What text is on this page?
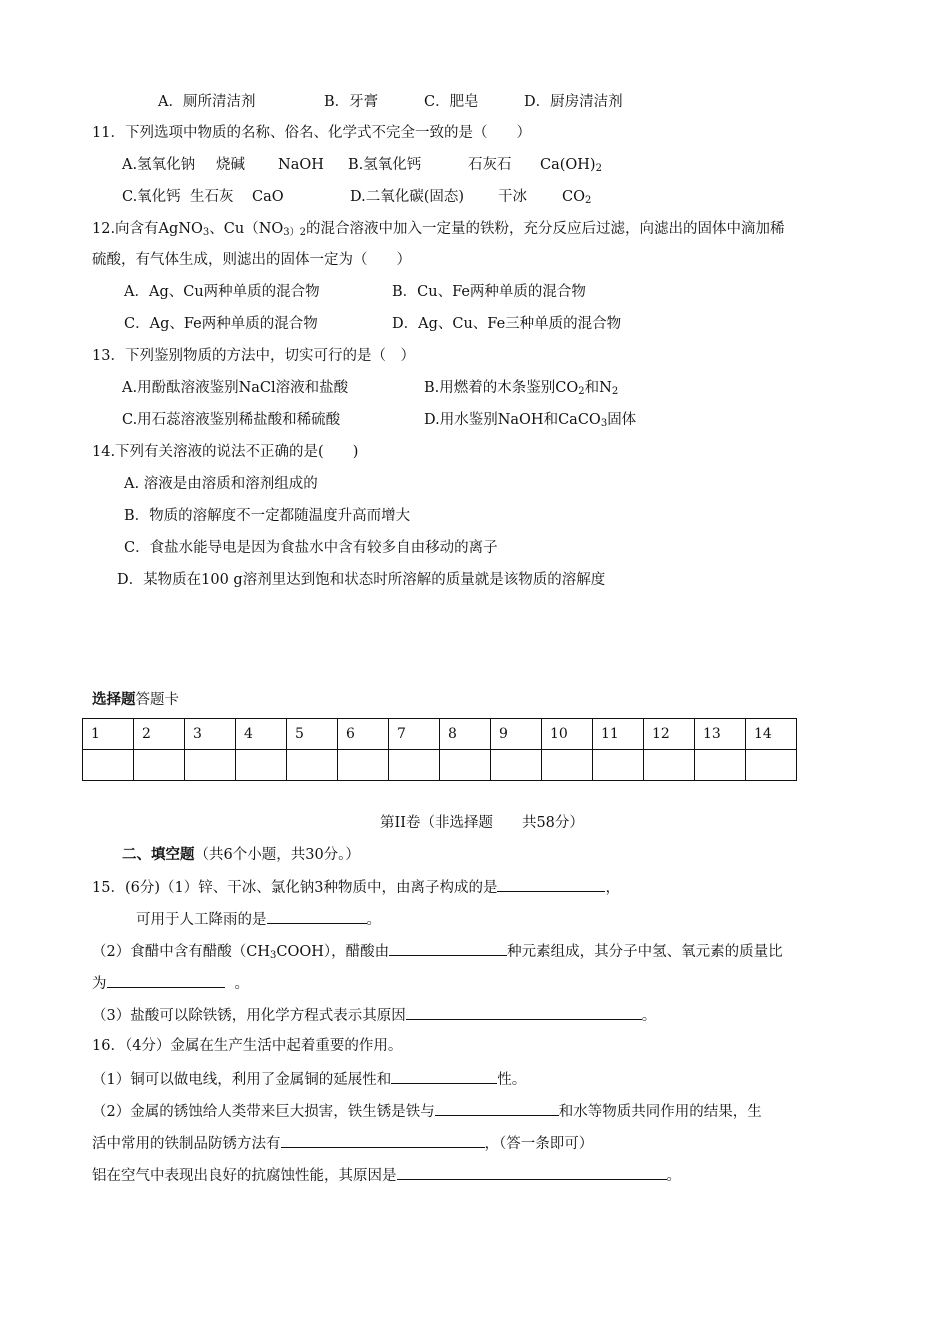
A．厕所清洁剂	B．牙膏	C．肥皂	D．厨房清洁剂
11．下列选项中物质的名称、俗名、化学式不完全一致的是（　　）
A.氢氧化钠 烧碱 NaOH B.氢氧化钙	石灰石 $Ca(OH)_2$
C.氧化钙 生石灰 CaO	D.二氧化碳(固态) 干冰 $CO_2$
12.向含有AgNO$_3$、$Cu(NO_{3)2}$的混合溶液中加入一定量的铁粉，充分反应后过滤，向滤出的固体中滴加稀
硫酸，有气体生成，则滤出的固体一定为（　　）
A．Ag、Cu两种单质的混合物	B．Cu、Fe两种单质的混合物
C．Ag、Fe两种单质的混合物	D．Ag、Cu、Fe三种单质的混合物
13．下列鉴别物质的方法中，切实可行的是（　）
A.用酚酞溶液鉴别NaCl溶液和盐酸	B.用燃着的木条鉴别$CO_2$和$N_2$
C.用石蕊溶液鉴别稀盐酸和稀硫酸	D.用水鉴别NaOH和CaCO$_3$固体
14.下列有关溶液的说法不正确的是(　　)
A. 溶液是由溶质和溶剂组成的
B．物质的溶解度不一定都随温度升高而增大
C．食盐水能导电是因为食盐水中含有较多自由移动的离子
D．某物质在100 g溶剂里达到饱和状态时所溶解的质量就是该物质的溶解度
选择题答题卡
1	2	3	4	5	6	7	8	9	10	11	12	13	14

第II卷（非选择题　　共58分）
二、填空题（共6个小题，共30分。）
15．(6分)（1）锌、干冰、氯化钠3种物质中，由离子构成的是	，
可用于人工降雨的是	。
（2）食醋中含有醋酸$(CH_3COOH)$，醋酸由	种元素组成，其分子中氢、氧元素的质量比
为	。
（3）盐酸可以除铁锈，用化学方程式表示其原因	。
16．（4分）金属在生产生活中起着重要的作用。
（1）铜可以做电线，利用了金属铜的延展性和	性。
（2）金属的锈蚀给人类带来巨大损害，铁生锈是铁与	和水等物质共同作用的结果，生
活中常用的铁制品防锈方法有	，（答一条即可）
铝在空气中表现出良好的抗腐蚀性能，其原因是	。
